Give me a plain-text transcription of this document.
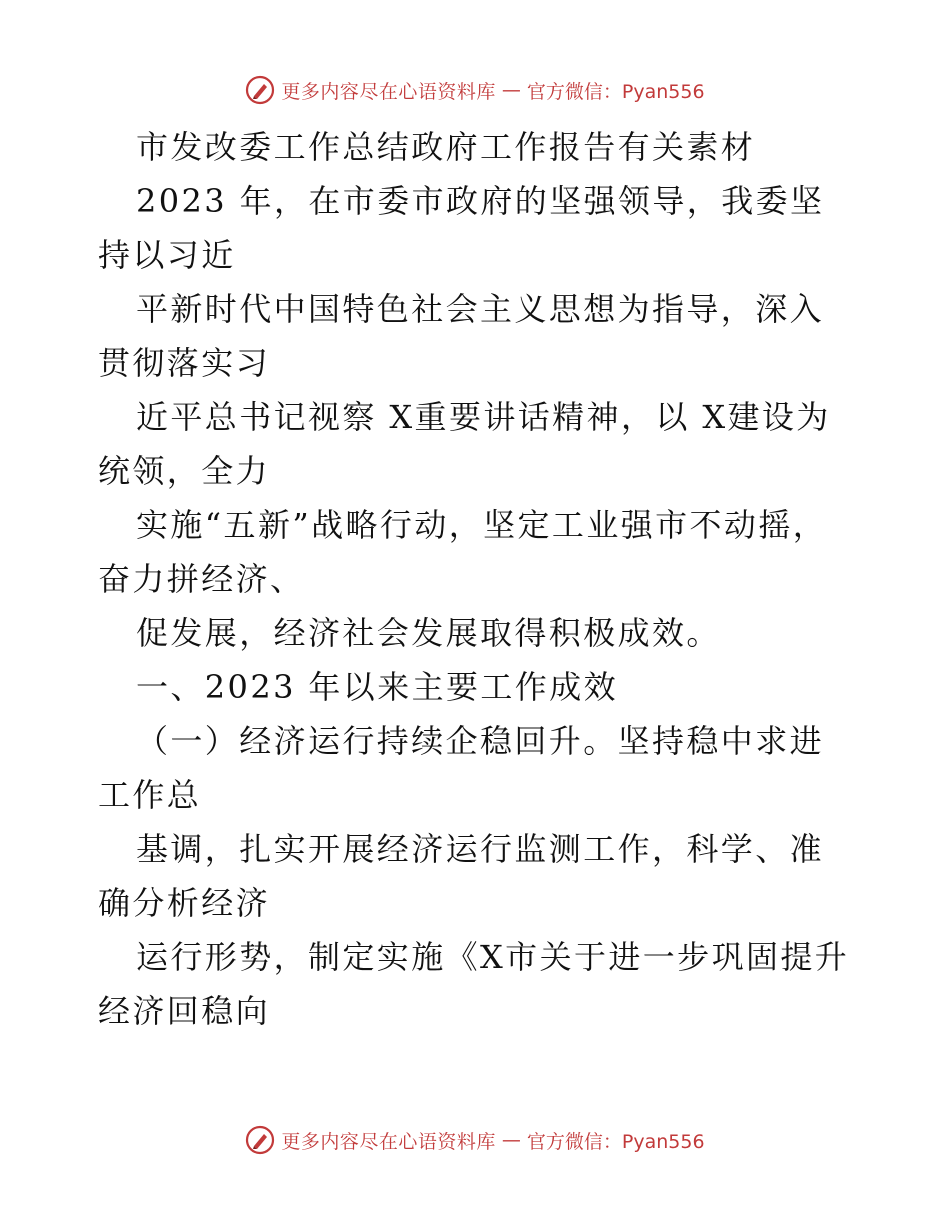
更多内容尽在心语资料库 — 官方微信：Pyan556

市发改委工作总结政府工作报告有关素材

2023 年，在市委市政府的坚强领导，我委坚持以习近

平新时代中国特色社会主义思想为指导，深入贯彻落实习

近平总书记视察 X重要讲话精神，以 X建设为统领，全力

实施“五新”战略行动，坚定工业强市不动摇，奋力拼经济、

促发展，经济社会发展取得积极成效。

一、2023 年以来主要工作成效

（一）经济运行持续企稳回升。坚持稳中求进工作总

基调，扎实开展经济运行监测工作，科学、准确分析经济

运行形势，制定实施《X市关于进一步巩固提升经济回稳向

更多内容尽在心语资料库 — 官方微信：Pyan556
